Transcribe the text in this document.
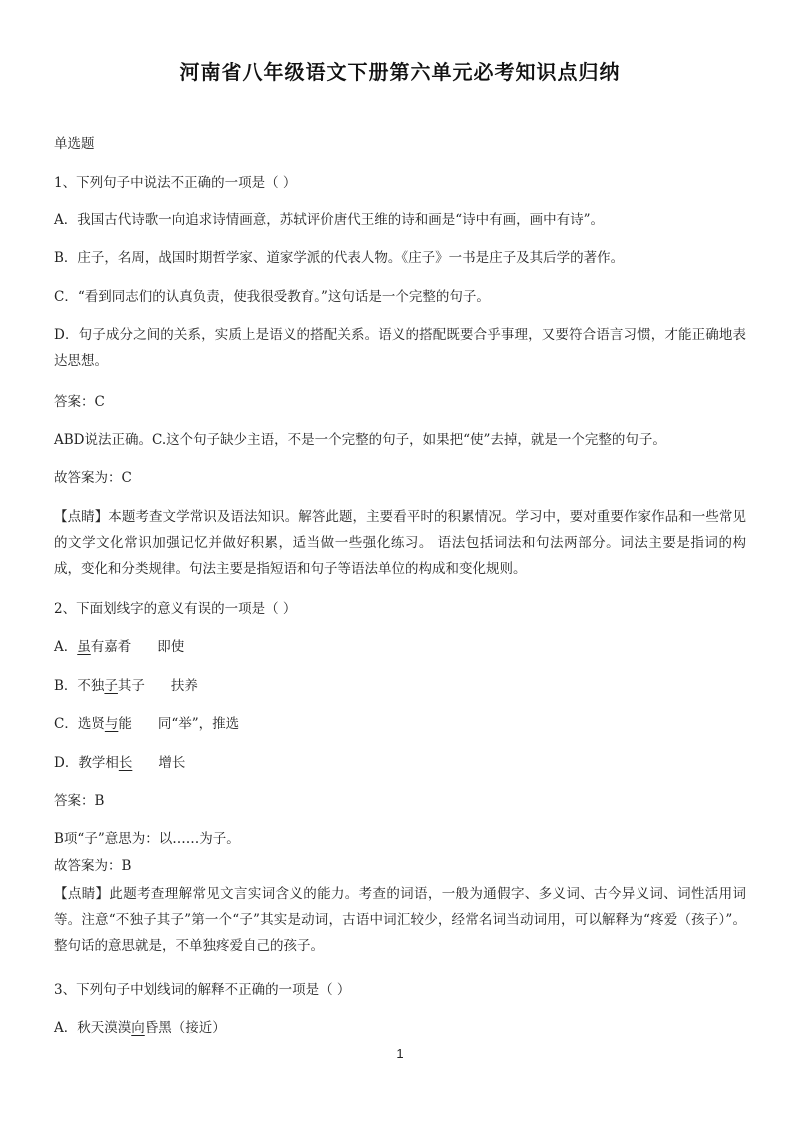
河南省八年级语文下册第六单元必考知识点归纳
单选题
1、下列句子中说法不正确的一项是（ ）
A．我国古代诗歌一向追求诗情画意，苏轼评价唐代王维的诗和画是“诗中有画，画中有诗”。
B．庄子，名周，战国时期哲学家、道家学派的代表人物。《庄子》一书是庄子及其后学的著作。
C．“看到同志们的认真负责，使我很受教育。”这句话是一个完整的句子。
D．句子成分之间的关系，实质上是语义的搭配关系。语义的搭配既要合乎事理，又要符合语言习惯，才能正确地表达思想。
答案：C
ABD说法正确。C.这个句子缺少主语，不是一个完整的句子，如果把“使”去掉，就是一个完整的句子。
故答案为：C
【点睛】本题考查文学常识及语法知识。解答此题，主要看平时的积累情况。学习中，要对重要作家作品和一些常见的文学文化常识加强记忆并做好积累，适当做一些强化练习。 语法包括词法和句法两部分。词法主要是指词的构成，变化和分类规律。句法主要是指短语和句子等语法单位的构成和变化规则。
2、下面划线字的意义有误的一项是（ ）
A．虽有嘉肴 即使
B．不独子其子 扶养
C．选贤与能 同“举”，推选
D．教学相长 增长
答案：B
B项“子”意思为：以……为子。
故答案为：B
【点睛】此题考查理解常见文言实词含义的能力。考查的词语，一般为通假字、多义词、古今异义词、词性活用词等。注意“不独子其子”第一个“子”其实是动词，古语中词汇较少，经常名词当动词用，可以解释为“疼爱（孩子）”。整句话的意思就是，不单独疼爱自己的孩子。
3、下列句子中划线词的解释不正确的一项是（ ）
A．秋天漠漠向昏黑（接近）
1
